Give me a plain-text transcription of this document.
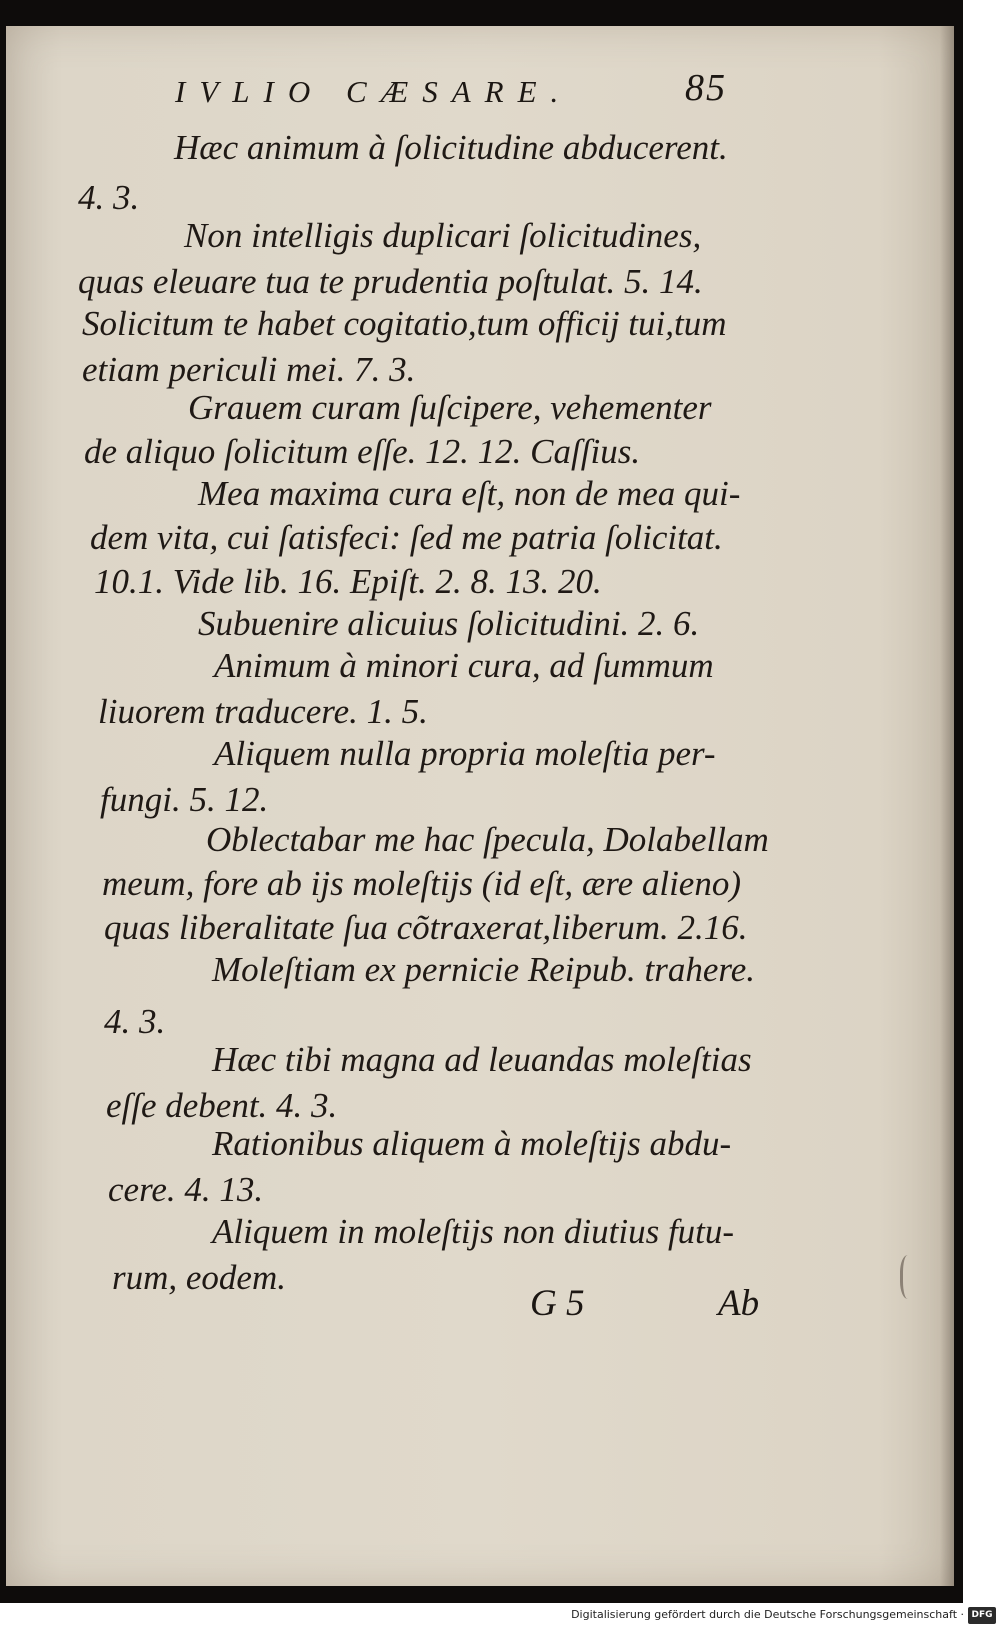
IVLIO CÆSARE.	85
Hæc animum à ſolicitudine abducerent.
4. 3.
Non intelligis duplicari ſolicitudines,
quas eleuare tua te prudentia poſtulat. 5. 14.
Solicitum te habet cogitatio,tum officij tui,tum
etiam periculi mei. 7. 3.
Grauem curam ſuſcipere, vehementer
de aliquo ſolicitum eſſe. 12. 12. Caſſius.
Mea maxima cura eſt, non de mea qui-
dem vita, cui ſatisfeci: ſed me patria ſolicitat.
10.1. Vide lib. 16. Epiſt. 2. 8. 13. 20.
Subuenire alicuius ſolicitudini. 2. 6.
Animum à minori cura, ad ſummum
liuorem traducere. 1. 5.
Aliquem nulla propria moleſtia per-
fungi. 5. 12.
Oblectabar me hac ſpecula, Dolabellam
meum, fore ab ijs moleſtijs (id eſt, ære alieno)
quas liberalitate ſua cõtraxerat,liberum. 2.16.
Moleſtiam ex pernicie Reipub. trahere.
4. 3.
Hæc tibi magna ad leuandas moleſtias
eſſe debent. 4. 3.
Rationibus aliquem à moleſtijs abdu-
cere. 4. 13.
Aliquem in moleſtijs non diutius futu-
rum, eodem.
G 5	Ab
Digitalisierung gefördert durch die Deutsche Forschungsgemeinschaft · DFG
